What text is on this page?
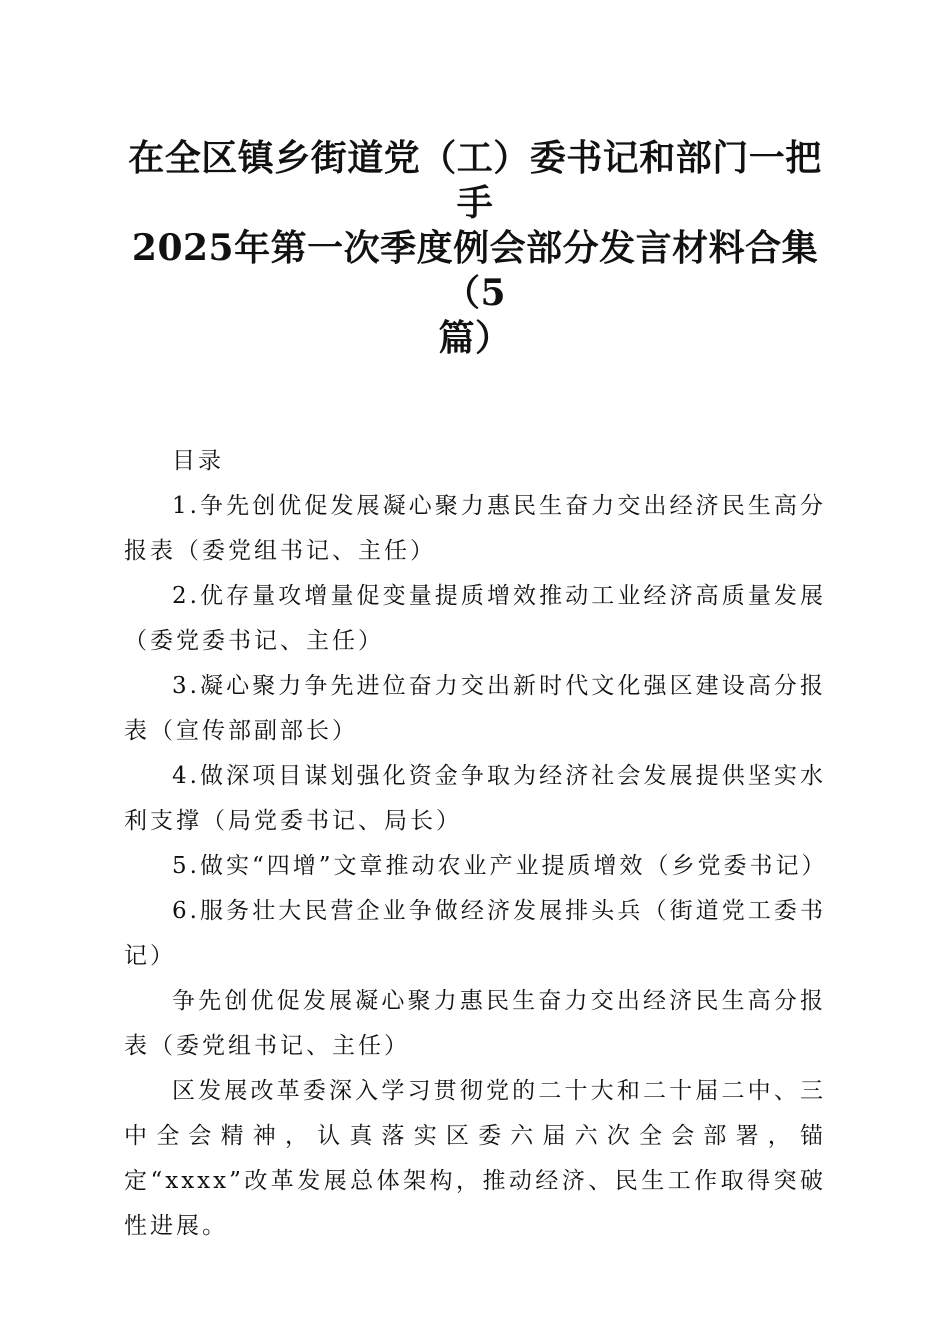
在全区镇乡街道党（工）委书记和部门一把手
2025年第一次季度例会部分发言材料合集（5
篇）

目录

1.争先创优促发展凝心聚力惠民生奋力交出经济民生高分报表（委党组书记、主任）

2.优存量攻增量促变量提质增效推动工业经济高质量发展（委党委书记、主任）

3.凝心聚力争先进位奋力交出新时代文化强区建设高分报表（宣传部副部长）

4.做深项目谋划强化资金争取为经济社会发展提供坚实水利支撑（局党委书记、局长）

5.做实“四增”文章推动农业产业提质增效（乡党委书记）

6.服务壮大民营企业争做经济发展排头兵（街道党工委书记）

争先创优促发展凝心聚力惠民生奋力交出经济民生高分报表（委党组书记、主任）

区发展改革委深入学习贯彻党的二十大和二十届二中、三中全会精神，认真落实区委六届六次全会部署，锚定“xxxx”改革发展总体架构，推动经济、民生工作取得突破性进展。
